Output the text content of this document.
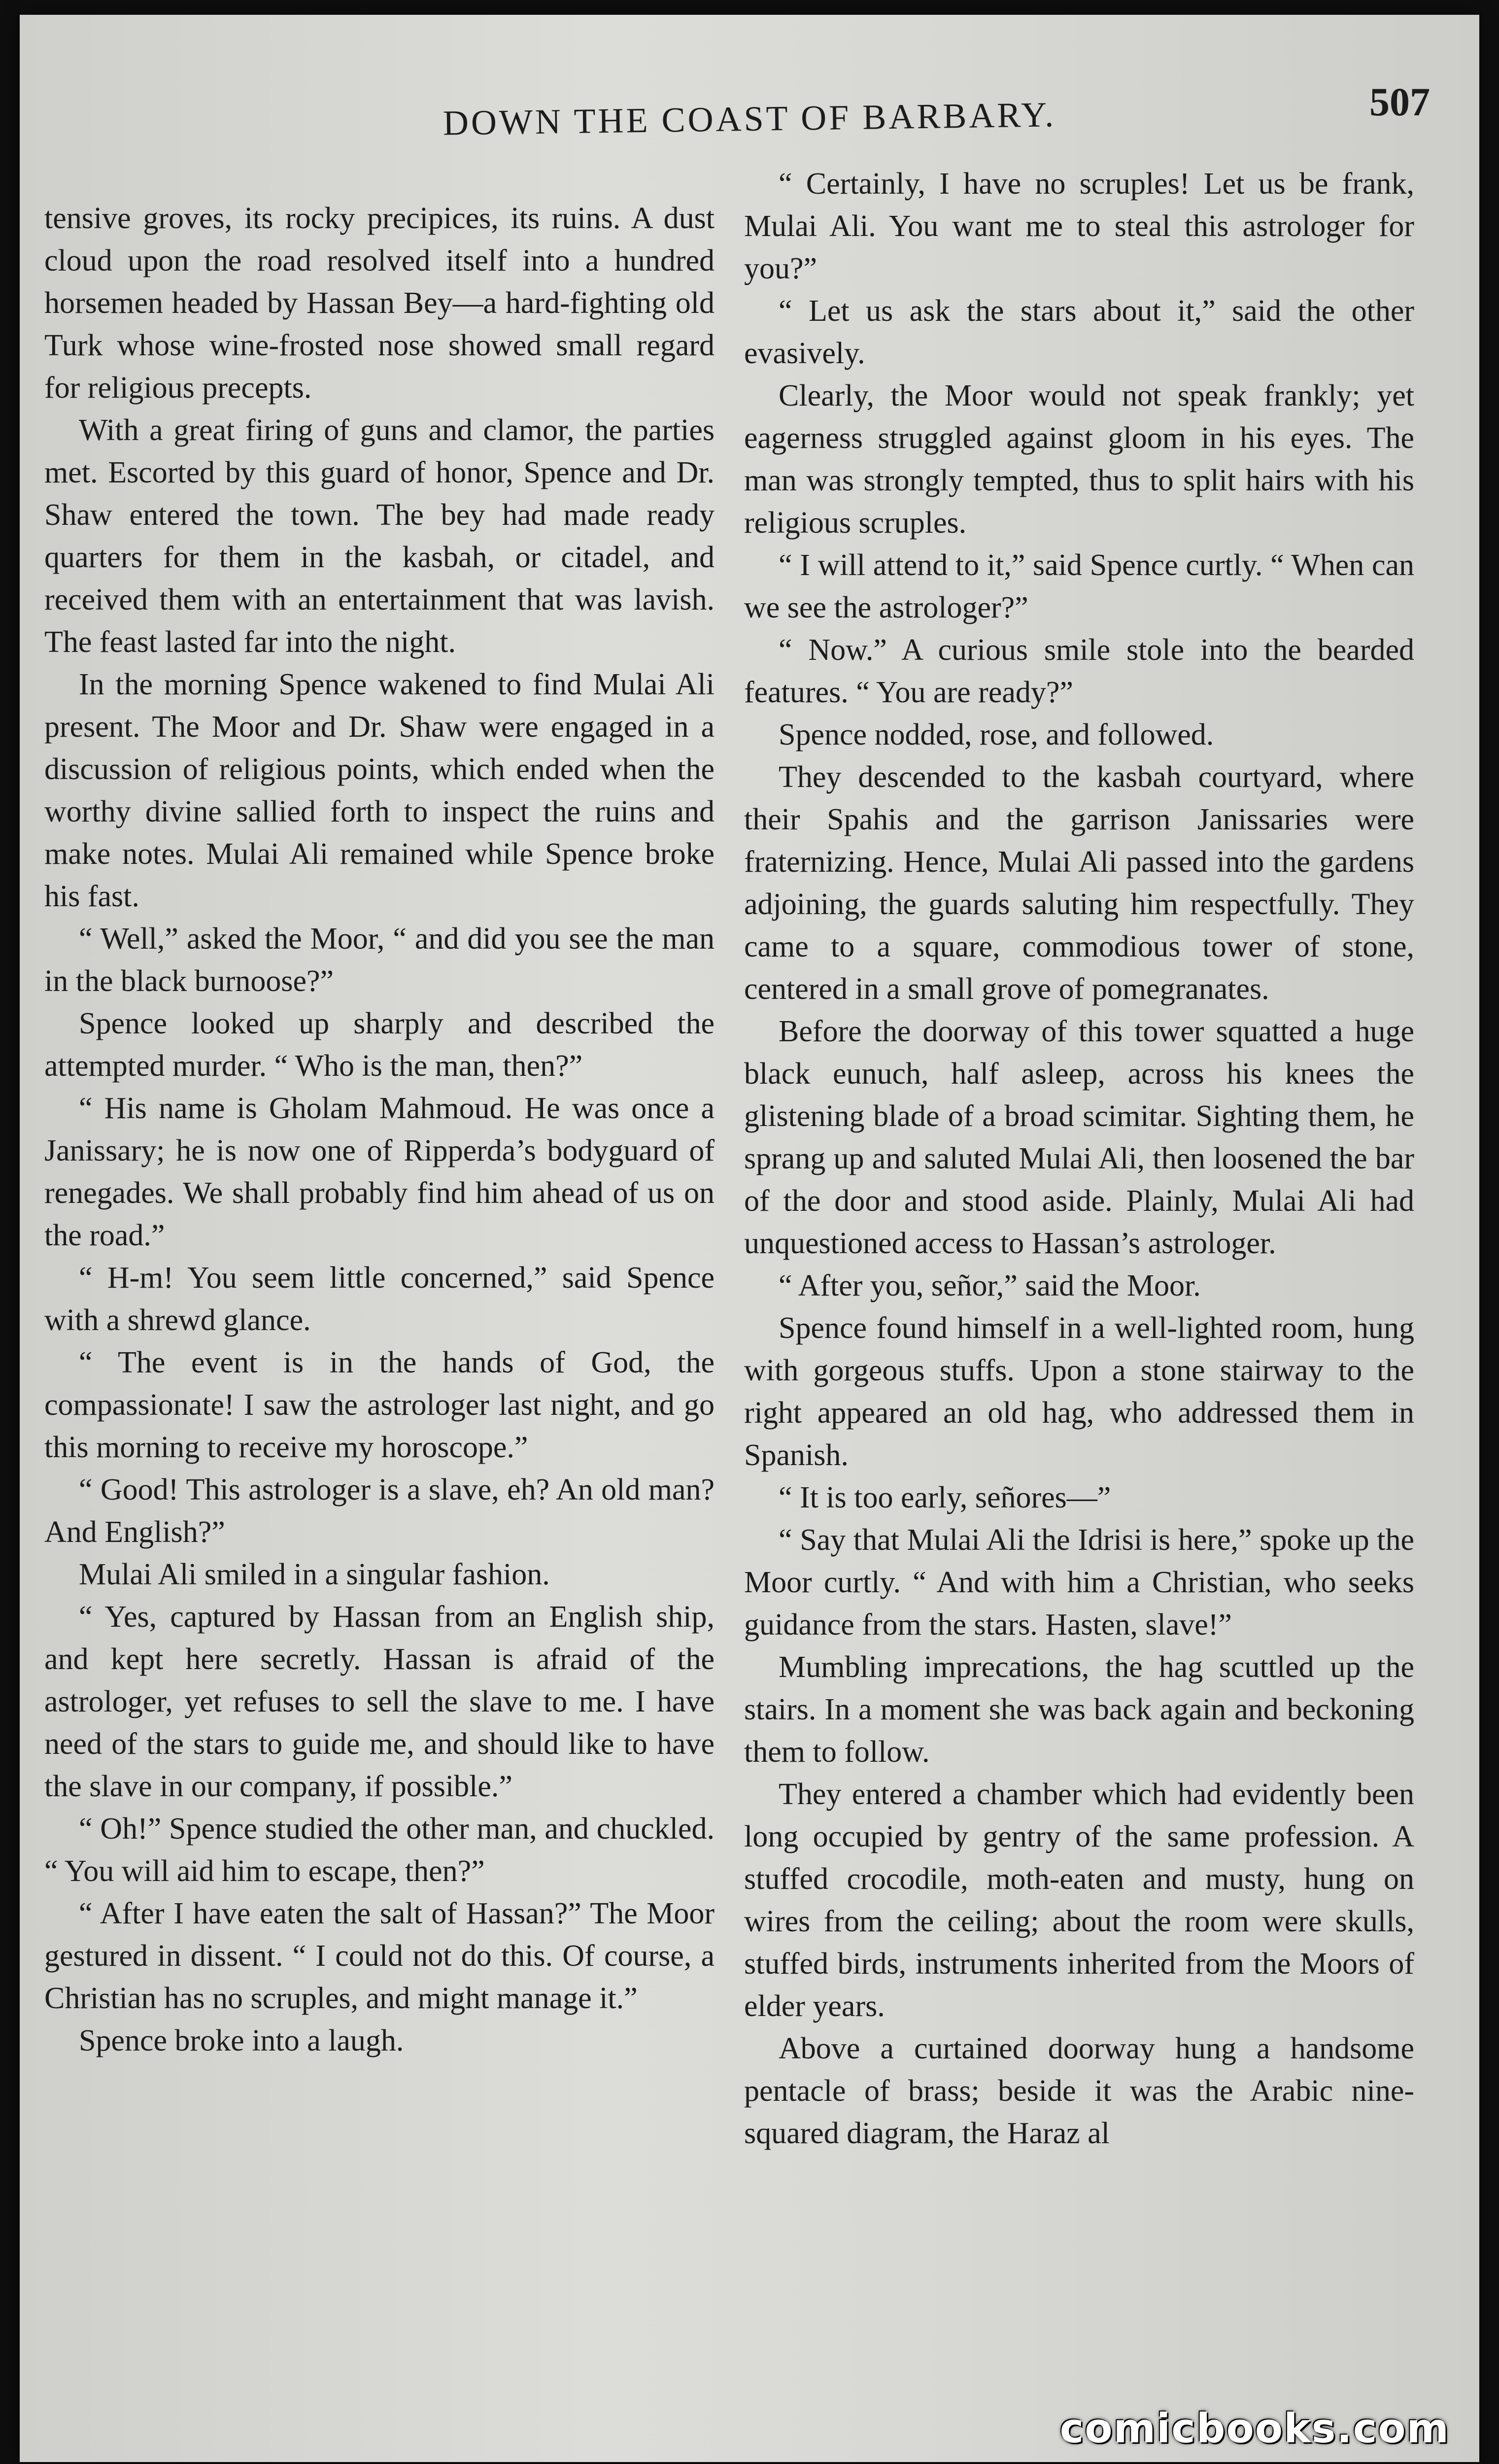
DOWN THE COAST OF BARBARY.	507

tensive groves, its rocky precipices, its ruins. A dust cloud upon the road resolved itself into a hundred horsemen headed by Hassan Bey—a hard-fighting old Turk whose wine-frosted nose showed small regard for religious precepts.

With a great firing of guns and clamor, the parties met. Escorted by this guard of honor, Spence and Dr. Shaw entered the town. The bey had made ready quarters for them in the kasbah, or citadel, and received them with an entertainment that was lavish. The feast lasted far into the night.

In the morning Spence wakened to find Mulai Ali present. The Moor and Dr. Shaw were engaged in a discussion of religious points, which ended when the worthy divine sallied forth to inspect the ruins and make notes. Mulai Ali remained while Spence broke his fast.

“ Well,” asked the Moor, “ and did you see the man in the black burnoose?”

Spence looked up sharply and described the attempted murder. “ Who is the man, then?”

“ His name is Gholam Mahmoud. He was once a Janissary; he is now one of Ripperda’s bodyguard of renegades. We shall probably find him ahead of us on the road.”

“ H-m! You seem little concerned,” said Spence with a shrewd glance.

“ The event is in the hands of God, the compassionate! I saw the astrologer last night, and go this morning to receive my horoscope.”

“ Good! This astrologer is a slave, eh? An old man? And English?”

Mulai Ali smiled in a singular fashion.

“ Yes, captured by Hassan from an English ship, and kept here secretly. Hassan is afraid of the astrologer, yet refuses to sell the slave to me. I have need of the stars to guide me, and should like to have the slave in our company, if possible.”

“ Oh!” Spence studied the other man, and chuckled. “ You will aid him to escape, then?”

“ After I have eaten the salt of Hassan?” The Moor gestured in dissent. “ I could not do this. Of course, a Christian has no scruples, and might manage it.”

Spence broke into a laugh.

“ Certainly, I have no scruples! Let us be frank, Mulai Ali. You want me to steal this astrologer for you?”

“ Let us ask the stars about it,” said the other evasively.

Clearly, the Moor would not speak frankly; yet eagerness struggled against gloom in his eyes. The man was strongly tempted, thus to split hairs with his religious scruples.

“ I will attend to it,” said Spence curtly. “ When can we see the astrologer?”

“ Now.” A curious smile stole into the bearded features. “ You are ready?”

Spence nodded, rose, and followed.

They descended to the kasbah courtyard, where their Spahis and the garrison Janissaries were fraternizing. Hence, Mulai Ali passed into the gardens adjoining, the guards saluting him respectfully. They came to a square, commodious tower of stone, centered in a small grove of pomegranates.

Before the doorway of this tower squatted a huge black eunuch, half asleep, across his knees the glistening blade of a broad scimitar. Sighting them, he sprang up and saluted Mulai Ali, then loosened the bar of the door and stood aside. Plainly, Mulai Ali had unquestioned access to Hassan’s astrologer.

“ After you, señor,” said the Moor.

Spence found himself in a well-lighted room, hung with gorgeous stuffs. Upon a stone stairway to the right appeared an old hag, who addressed them in Spanish.

“ It is too early, señores—”

“ Say that Mulai Ali the Idrisi is here,” spoke up the Moor curtly. “ And with him a Christian, who seeks guidance from the stars. Hasten, slave!”

Mumbling imprecations, the hag scuttled up the stairs. In a moment she was back again and beckoning them to follow.

They entered a chamber which had evidently been long occupied by gentry of the same profession. A stuffed crocodile, moth-eaten and musty, hung on wires from the ceiling; about the room were skulls, stuffed birds, instruments inherited from the Moors of elder years.

Above a curtained doorway hung a handsome pentacle of brass; beside it was the Arabic nine-squared diagram, the Haraz al

comicbooks.com
